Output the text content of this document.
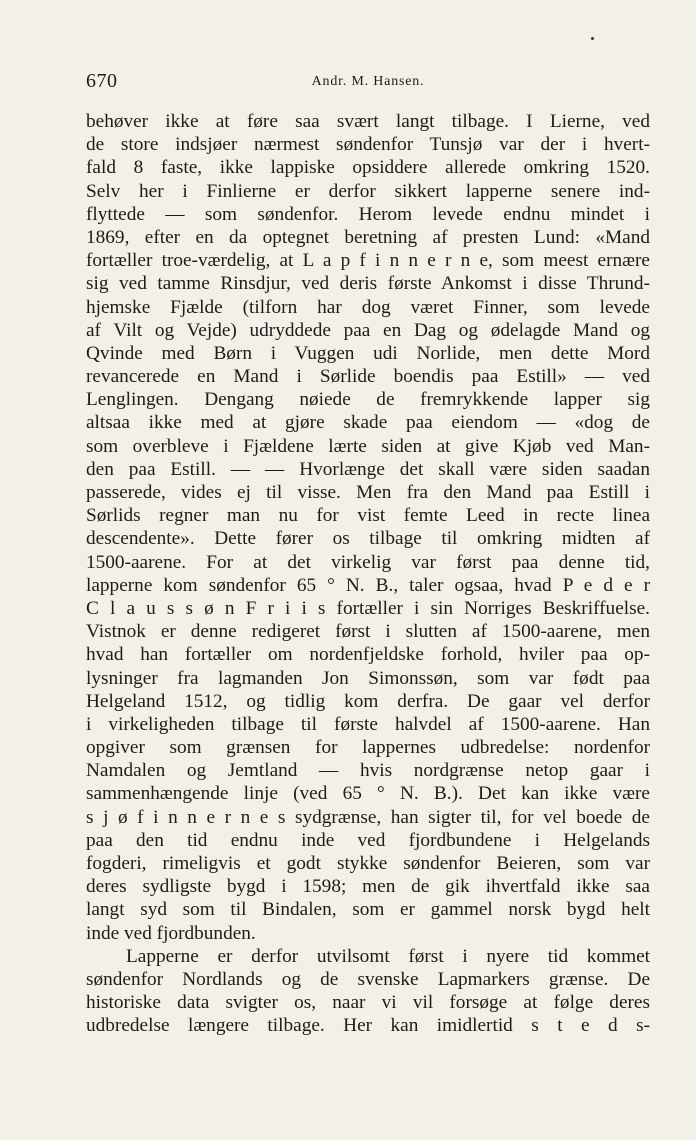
670	Andr. M. Hansen.
behøver ikke at føre saa svært langt tilbage. I Lierne, ved
de store indsjøer nærmest søndenfor Tunsjø var der i hvert-
fald 8 faste, ikke lappiske opsiddere allerede omkring 1520.
Selv her i Finlierne er derfor sikkert lapperne senere ind-
flyttede — som søndenfor. Herom levede endnu mindet i
1869, efter en da optegnet beretning af presten Lund: «Mand
fortæller troe-værdelig, at L a p f i n n e r n e, som meest ernære
sig ved tamme Rinsdjur, ved deris første Ankomst i disse Thrund-
hjemske Fjælde (tilforn har dog været Finner, som levede
af Vilt og Vejde) udryddede paa en Dag og ødelagde Mand og
Qvinde med Børn i Vuggen udi Norlide, men dette Mord
revancerede en Mand i Sørlide boendis paa Estill» — ved
Lenglingen. Dengang nøiede de fremrykkende lapper sig
altsaa ikke med at gjøre skade paa eiendom — «dog de
som overbleve i Fjældene lærte siden at give Kjøb ved Man-
den paa Estill. — — Hvorlænge det skall være siden saadan
passerede, vides ej til visse. Men fra den Mand paa Estill i
Sørlids regner man nu for vist femte Leed in recte linea
descendente». Dette fører os tilbage til omkring midten af
1500-aarene. For at det virkelig var først paa denne tid,
lapperne kom søndenfor 65 ° N. B., taler ogsaa, hvad P e d e r
C l a u s s ø n F r i i s fortæller i sin Norriges Beskriffuelse.
Vistnok er denne redigeret først i slutten af 1500-aarene, men
hvad han fortæller om nordenfjeldske forhold, hviler paa op-
lysninger fra lagmanden Jon Simonssøn, som var født paa
Helgeland 1512, og tidlig kom derfra. De gaar vel derfor
i virkeligheden tilbage til første halvdel af 1500-aarene. Han
opgiver som grænsen for lappernes udbredelse: nordenfor
Namdalen og Jemtland — hvis nordgrænse netop gaar i
sammenhængende linje (ved 65 ° N. B.). Det kan ikke være
s j ø f i n n e r n e s sydgrænse, han sigter til, for vel boede de
paa den tid endnu inde ved fjordbundene i Helgelands
fogderi, rimeligvis et godt stykke søndenfor Beieren, som var
deres sydligste bygd i 1598; men de gik ihvertfald ikke saa
langt syd som til Bindalen, som er gammel norsk bygd helt
inde ved fjordbunden.
Lapperne er derfor utvilsomt først i nyere tid kommet
søndenfor Nordlands og de svenske Lapmarkers grænse. De
historiske data svigter os, naar vi vil forsøge at følge deres
udbredelse længere tilbage. Her kan imidlertid s t e d s-
